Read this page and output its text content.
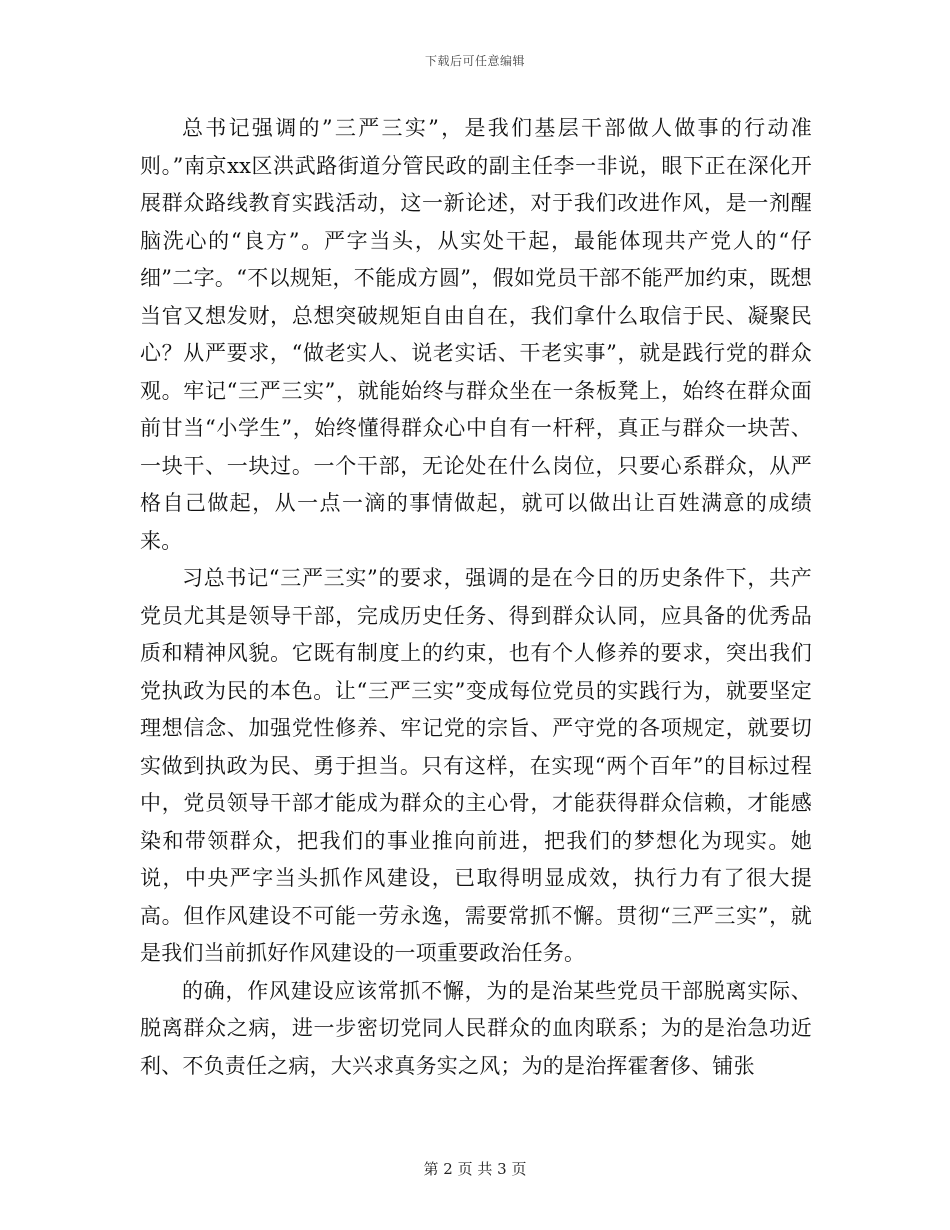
下载后可任意编辑

总书记强调的”三严三实”，是我们基层干部做人做事的行动准则。”南京xx区洪武路街道分管民政的副主任李一非说，眼下正在深化开展群众路线教育实践活动，这一新论述，对于我们改进作风，是一剂醒脑洗心的“良方”。严字当头，从实处干起，最能体现共产党人的“仔细”二字。“不以规矩，不能成方圆”，假如党员干部不能严加约束，既想当官又想发财，总想突破规矩自由自在，我们拿什么取信于民、凝聚民心？从严要求，“做老实人、说老实话、干老实事”，就是践行党的群众观。牢记“三严三实”，就能始终与群众坐在一条板凳上，始终在群众面前甘当“小学生”，始终懂得群众心中自有一杆秤，真正与群众一块苦、一块干、一块过。一个干部，无论处在什么岗位，只要心系群众，从严格自己做起，从一点一滴的事情做起，就可以做出让百姓满意的成绩来。

习总书记“三严三实”的要求，强调的是在今日的历史条件下，共产党员尤其是领导干部，完成历史任务、得到群众认同，应具备的优秀品质和精神风貌。它既有制度上的约束，也有个人修养的要求，突出我们党执政为民的本色。让“三严三实”变成每位党员的实践行为，就要坚定理想信念、加强党性修养、牢记党的宗旨、严守党的各项规定，就要切实做到执政为民、勇于担当。只有这样，在实现“两个百年”的目标过程中，党员领导干部才能成为群众的主心骨，才能获得群众信赖，才能感染和带领群众，把我们的事业推向前进，把我们的梦想化为现实。她说，中央严字当头抓作风建设，已取得明显成效，执行力有了很大提高。但作风建设不可能一劳永逸，需要常抓不懈。贯彻“三严三实”，就是我们当前抓好作风建设的一项重要政治任务。

的确，作风建设应该常抓不懈，为的是治某些党员干部脱离实际、脱离群众之病，进一步密切党同人民群众的血肉联系；为的是治急功近利、不负责任之病，大兴求真务实之风；为的是治挥霍奢侈、铺张

第 2 页 共 3 页
